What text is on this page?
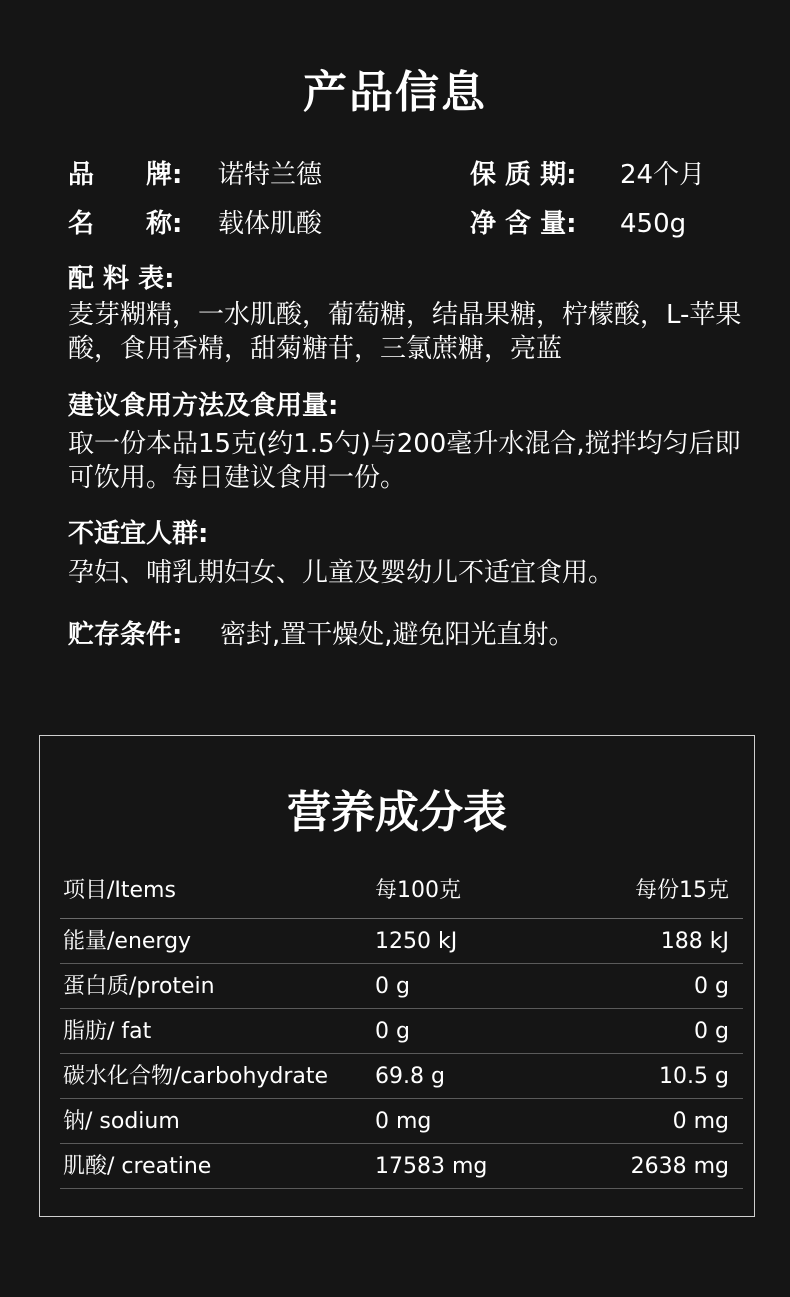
产品信息
品　　牌: 诺特兰德	保 质 期: 24个月
名　　称: 载体肌酸	净 含 量: 450g
配 料 表:
麦芽糊精，一水肌酸，葡萄糖，结晶果糖，柠檬酸，L-苹果酸，食用香精，甜菊糖苷，三氯蔗糖，亮蓝
建议食用方法及食用量:
取一份本品15克(约1.5勺)与200毫升水混合,搅拌均匀后即可饮用。每日建议食用一份。
不适宜人群:
孕妇、哺乳期妇女、儿童及婴幼儿不适宜食用。
贮存条件: 密封,置干燥处,避免阳光直射。
营养成分表
项目/Items	每100克	每份15克
能量/energy	1250 kJ	188 kJ
蛋白质/protein	0 g	0 g
脂肪/ fat	0 g	0 g
碳水化合物/carbohydrate 69.8 g	10.5 g
钠/ sodium	0 mg	0 mg
肌酸/ creatine	17583 mg	2638 mg
